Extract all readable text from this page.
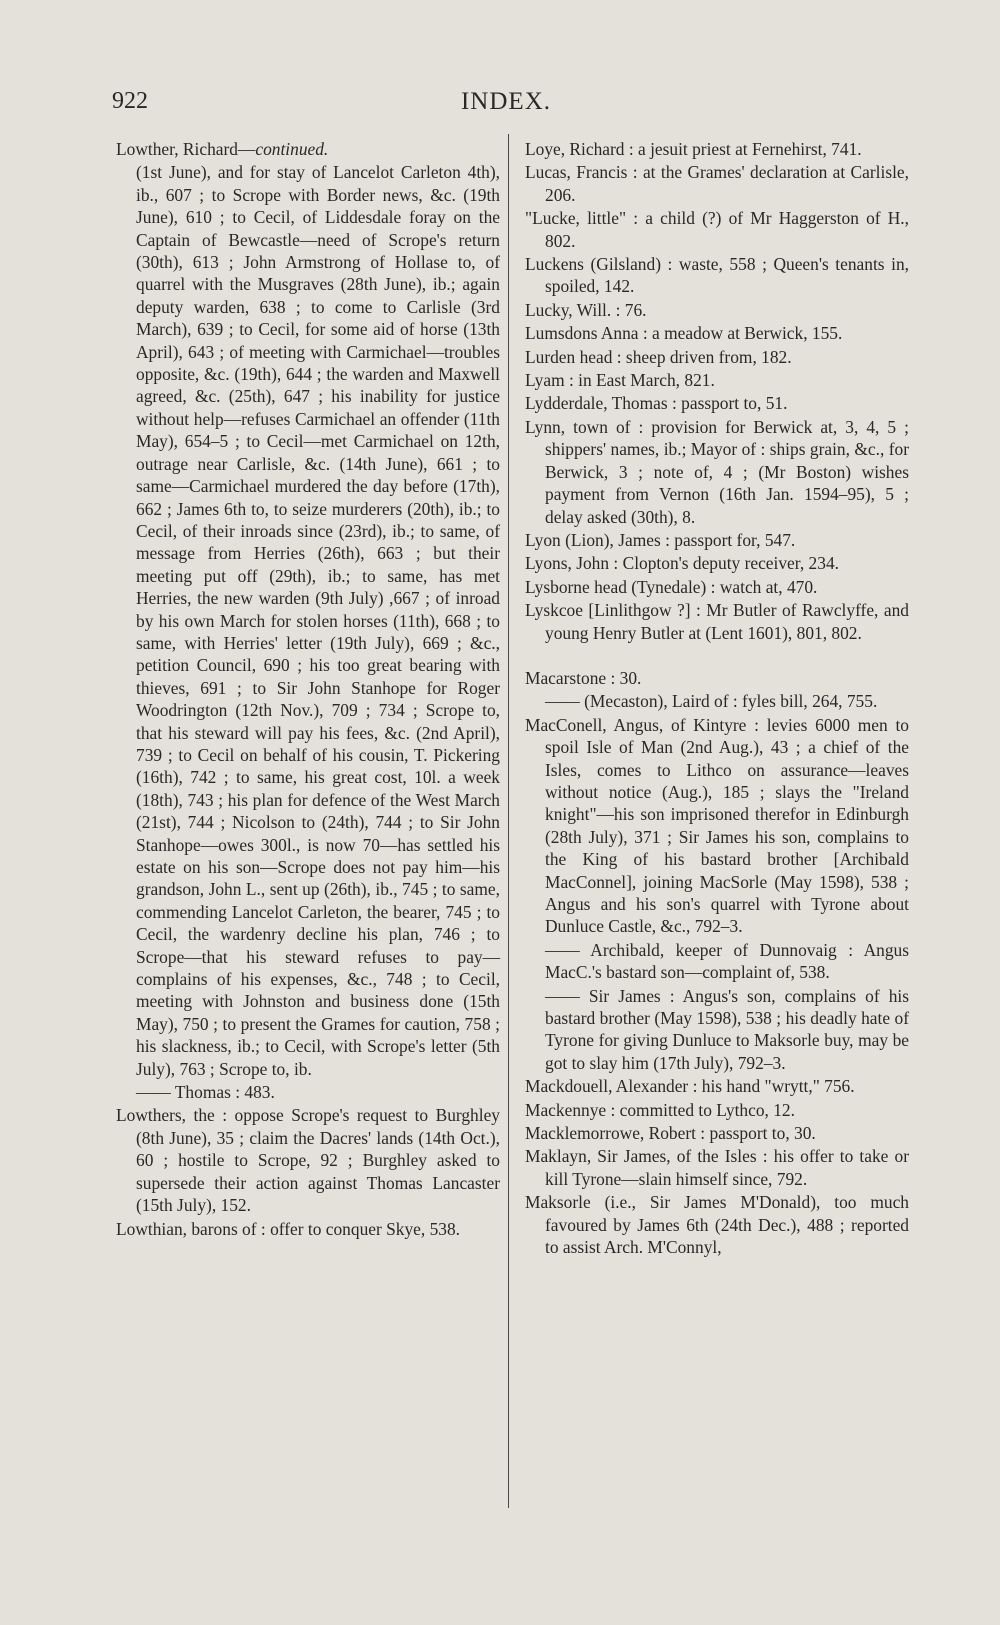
922	INDEX.
Lowther, Richard—continued.
(1st June), and for stay of Lancelot Carleton 4th), ib., 607 ; to Scrope with Border news, &c. (19th June), 610 ; to Cecil, of Liddesdale foray on the Captain of Bewcastle—need of Scrope's return (30th), 613 ; John Armstrong of Hollase to, of quarrel with the Musgraves (28th June), ib.; again deputy warden, 638 ; to come to Carlisle (3rd March), 639 ; to Cecil, for some aid of horse (13th April), 643 ; of meeting with Carmichael—troubles opposite, &c. (19th), 644 ; the warden and Maxwell agreed, &c. (25th), 647 ; his inability for justice without help—refuses Carmichael an offender (11th May), 654–5 ; to Cecil—met Carmichael on 12th, outrage near Carlisle, &c. (14th June), 661 ; to same—Carmichael murdered the day before (17th), 662 ; James 6th to, to seize murderers (20th), ib.; to Cecil, of their inroads since (23rd), ib.; to same, of message from Herries (26th), 663 ; but their meeting put off (29th), ib.; to same, has met Herries, the new warden (9th July) ,667 ; of inroad by his own March for stolen horses (11th), 668 ; to same, with Herries' letter (19th July), 669 ; &c., petition Council, 690 ; his too great bearing with thieves, 691 ; to Sir John Stanhope for Roger Woodrington (12th Nov.), 709 ; 734 ; Scrope to, that his steward will pay his fees, &c. (2nd April), 739 ; to Cecil on behalf of his cousin, T. Pickering (16th), 742 ; to same, his great cost, 10l. a week (18th), 743 ; his plan for defence of the West March (21st), 744 ; Nicolson to (24th), 744 ; to Sir John Stanhope—owes 300l., is now 70—has settled his estate on his son—Scrope does not pay him—his grandson, John L., sent up (26th), ib., 745 ; to same, commending Lancelot Carleton, the bearer, 745 ; to Cecil, the wardenry decline his plan, 746 ; to Scrope—that his steward refuses to pay—complains of his expenses, &c., 748 ; to Cecil, meeting with Johnston and business done (15th May), 750 ; to present the Grames for caution, 758 ; his slackness, ib.; to Cecil, with Scrope's letter (5th July), 763 ; Scrope to, ib.
—— Thomas : 483.
Lowthers, the : oppose Scrope's request to Burghley (8th June), 35 ; claim the Dacres' lands (14th Oct.), 60 ; hostile to Scrope, 92 ; Burghley asked to supersede their action against Thomas Lancaster (15th July), 152.
Lowthian, barons of : offer to conquer Skye, 538.
Loye, Richard : a jesuit priest at Fernehirst, 741.
Lucas, Francis : at the Grames' declaration at Carlisle, 206.
"Lucke, little" : a child (?) of Mr Haggerston of H., 802.
Luckens (Gilsland) : waste, 558 ; Queen's tenants in, spoiled, 142.
Lucky, Will. : 76.
Lumsdons Anna : a meadow at Berwick, 155.
Lurden head : sheep driven from, 182.
Lyam : in East March, 821.
Lydderdale, Thomas : passport to, 51.
Lynn, town of : provision for Berwick at, 3, 4, 5 ; shippers' names, ib.; Mayor of : ships grain, &c., for Berwick, 3 ; note of, 4 ; (Mr Boston) wishes payment from Vernon (16th Jan. 1594–95), 5 ; delay asked (30th), 8.
Lyon (Lion), James : passport for, 547.
Lyons, John : Clopton's deputy receiver, 234.
Lysborne head (Tynedale) : watch at, 470.
Lyskcoe [Linlithgow ?] : Mr Butler of Rawclyffe, and young Henry Butler at (Lent 1601), 801, 802.
Macarstone : 30.
—— (Mecaston), Laird of : fyles bill, 264, 755.
MacConell, Angus, of Kintyre : levies 6000 men to spoil Isle of Man (2nd Aug.), 43 ; a chief of the Isles, comes to Lithco on assurance—leaves without notice (Aug.), 185 ; slays the "Ireland knight"—his son imprisoned therefor in Edinburgh (28th July), 371 ; Sir James his son, complains to the King of his bastard brother [Archibald MacConnel], joining MacSorle (May 1598), 538 ; Angus and his son's quarrel with Tyrone about Dunluce Castle, &c., 792–3.
—— Archibald, keeper of Dunnovaig : Angus MacC.'s bastard son—complaint of, 538.
—— Sir James : Angus's son, complains of his bastard brother (May 1598), 538 ; his deadly hate of Tyrone for giving Dunluce to Maksorle buy, may be got to slay him (17th July), 792–3.
Mackdouell, Alexander : his hand "wrytt," 756.
Mackennye : committed to Lythco, 12.
Macklemorrowe, Robert : passport to, 30.
Maklayn, Sir James, of the Isles : his offer to take or kill Tyrone—slain himself since, 792.
Maksorle (i.e., Sir James M'Donald), too much favoured by James 6th (24th Dec.), 488 ; reported to assist Arch. M'Connyl,
